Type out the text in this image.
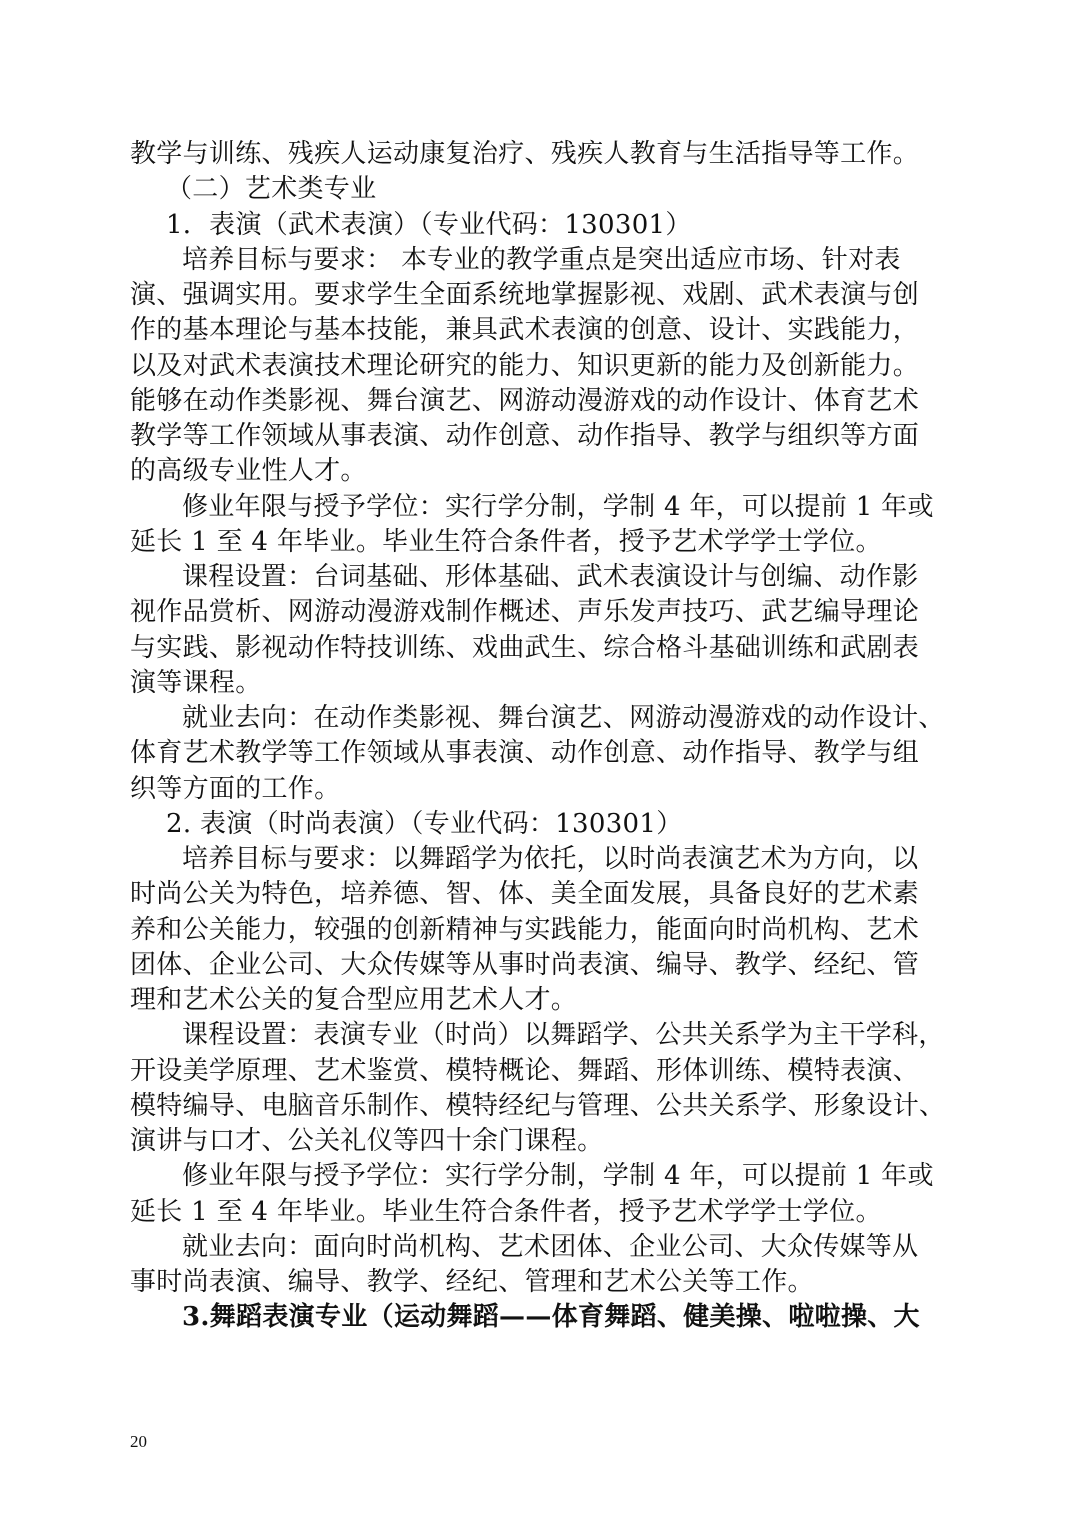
教学与训练、残疾人运动康复治疗、残疾人教育与生活指导等工作。
（二）艺术类专业
1．表演（武术表演）（专业代码：130301）
培养目标与要求： 本专业的教学重点是突出适应市场、针对表
演、强调实用。要求学生全面系统地掌握影视、戏剧、武术表演与创
作的基本理论与基本技能，兼具武术表演的创意、设计、实践能力，
以及对武术表演技术理论研究的能力、知识更新的能力及创新能力。
能够在动作类影视、舞台演艺、网游动漫游戏的动作设计、体育艺术
教学等工作领域从事表演、动作创意、动作指导、教学与组织等方面
的高级专业性人才。
修业年限与授予学位：实行学分制，学制 4 年，可以提前 1 年或
延长 1 至 4 年毕业。毕业生符合条件者，授予艺术学学士学位。
课程设置：台词基础、形体基础、武术表演设计与创编、动作影
视作品赏析、网游动漫游戏制作概述、声乐发声技巧、武艺编导理论
与实践、影视动作特技训练、戏曲武生、综合格斗基础训练和武剧表
演等课程。
就业去向：在动作类影视、舞台演艺、网游动漫游戏的动作设计、
体育艺术教学等工作领域从事表演、动作创意、动作指导、教学与组
织等方面的工作。
2. 表演（时尚表演）（专业代码：130301）
培养目标与要求：以舞蹈学为依托，以时尚表演艺术为方向，以
时尚公关为特色，培养德、智、体、美全面发展，具备良好的艺术素
养和公关能力，较强的创新精神与实践能力，能面向时尚机构、艺术
团体、企业公司、大众传媒等从事时尚表演、编导、教学、经纪、管
理和艺术公关的复合型应用艺术人才。
课程设置：表演专业（时尚）以舞蹈学、公共关系学为主干学科，
开设美学原理、艺术鉴赏、模特概论、舞蹈、形体训练、模特表演、
模特编导、电脑音乐制作、模特经纪与管理、公共关系学、形象设计、
演讲与口才、公关礼仪等四十余门课程。
修业年限与授予学位：实行学分制，学制 4 年，可以提前 1 年或
延长 1 至 4 年毕业。毕业生符合条件者，授予艺术学学士学位。
就业去向：面向时尚机构、艺术团体、企业公司、大众传媒等从
事时尚表演、编导、教学、经纪、管理和艺术公关等工作。
3.舞蹈表演专业（运动舞蹈——体育舞蹈、健美操、啦啦操、大
20
